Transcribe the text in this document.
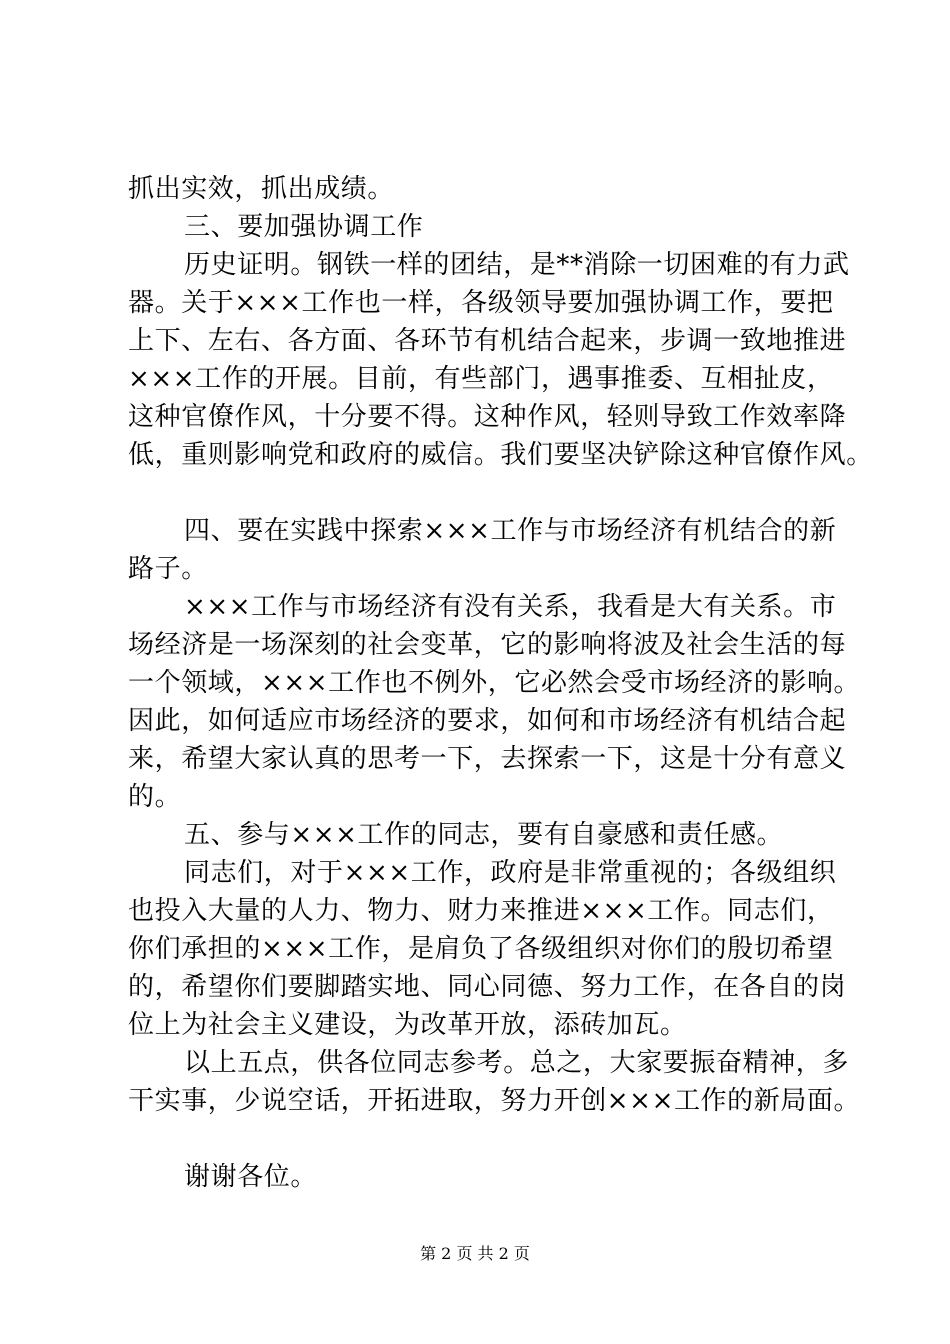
抓出实效，抓出成绩。
三、要加强协调工作
历史证明。钢铁一样的团结，是**消除一切困难的有力武
器。关于×××工作也一样，各级领导要加强协调工作，要把
上下、左右、各方面、各环节有机结合起来，步调一致地推进
×××工作的开展。目前，有些部门，遇事推委、互相扯皮，
这种官僚作风，十分要不得。这种作风，轻则导致工作效率降
低，重则影响党和政府的威信。我们要坚决铲除这种官僚作风。
四、要在实践中探索×××工作与市场经济有机结合的新
路子。
×××工作与市场经济有没有关系，我看是大有关系。市
场经济是一场深刻的社会变革，它的影响将波及社会生活的每
一个领域，×××工作也不例外，它必然会受市场经济的影响。
因此，如何适应市场经济的要求，如何和市场经济有机结合起
来，希望大家认真的思考一下，去探索一下，这是十分有意义
的。
五、参与×××工作的同志，要有自豪感和责任感。
同志们，对于×××工作，政府是非常重视的；各级组织
也投入大量的人力、物力、财力来推进×××工作。同志们，
你们承担的×××工作，是肩负了各级组织对你们的殷切希望
的，希望你们要脚踏实地、同心同德、努力工作，在各自的岗
位上为社会主义建设，为改革开放，添砖加瓦。
以上五点，供各位同志参考。总之，大家要振奋精神，多
干实事，少说空话，开拓进取，努力开创×××工作的新局面。
谢谢各位。
第 2 页 共 2 页
